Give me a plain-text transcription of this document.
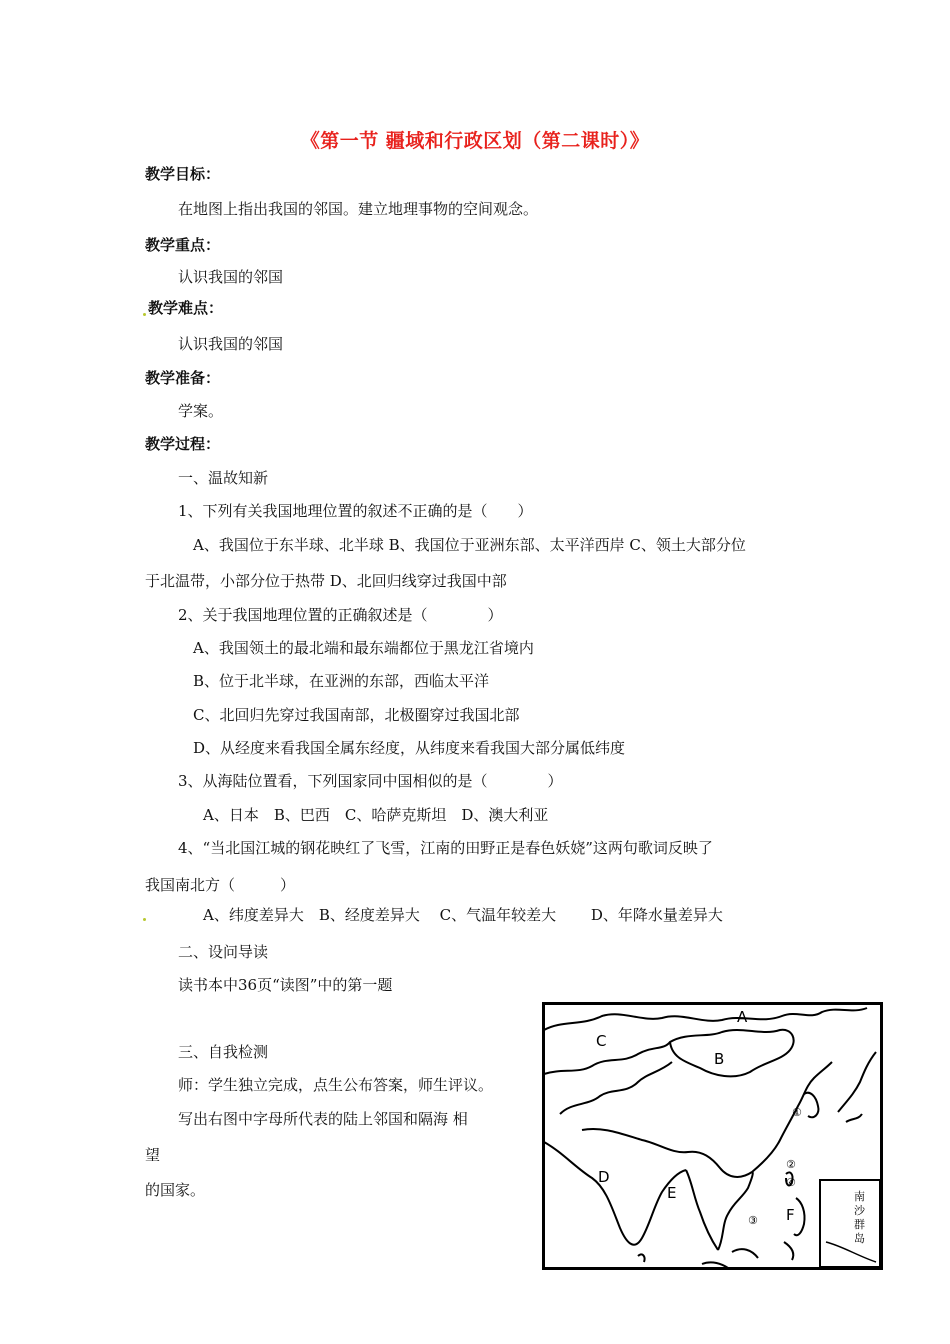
《第一节 疆域和行政区划（第二课时）》
教学目标：
在地图上指出我国的邻国。建立地理事物的空间观念。
教学重点：
认识我国的邻国
教学难点：
认识我国的邻国
教学准备：
学案。
教学过程：
一、温故知新
1、下列有关我国地理位置的叙述不正确的是（　　）
A、我国位于东半球、北半球 B、我国位于亚洲东部、太平洋西岸 C、领土大部分位
于北温带，小部分位于热带 D、北回归线穿过我国中部
2、关于我国地理位置的正确叙述是（　　　　）
A、我国领土的最北端和最东端都位于黑龙江省境内
B、位于北半球，在亚洲的东部，西临太平洋
C、北回归先穿过我国南部，北极圈穿过我国北部
D、从经度来看我国全属东经度，从纬度来看我国大部分属低纬度
3、从海陆位置看，下列国家同中国相似的是（　　　　）
A、日本　B、巴西　C、哈萨克斯坦　D、澳大利亚
4、“当北国江城的钢花映红了飞雪，江南的田野正是春色妖娆”这两句歌词反映了
我国南北方（　　　）
A、纬度差异大　B、经度差异大　 C、气温年较差大　　 D、年降水量差异大
二、设问导读
读书本中36页“读图”中的第一题
三、自我检测
师：学生独立完成，点生公布答案，师生评议。
写出右图中字母所代表的陆上邻国和隔海 相
望
的国家。	南
沙
群
岛
A
B
C
D
E
F
①
②
④
③
